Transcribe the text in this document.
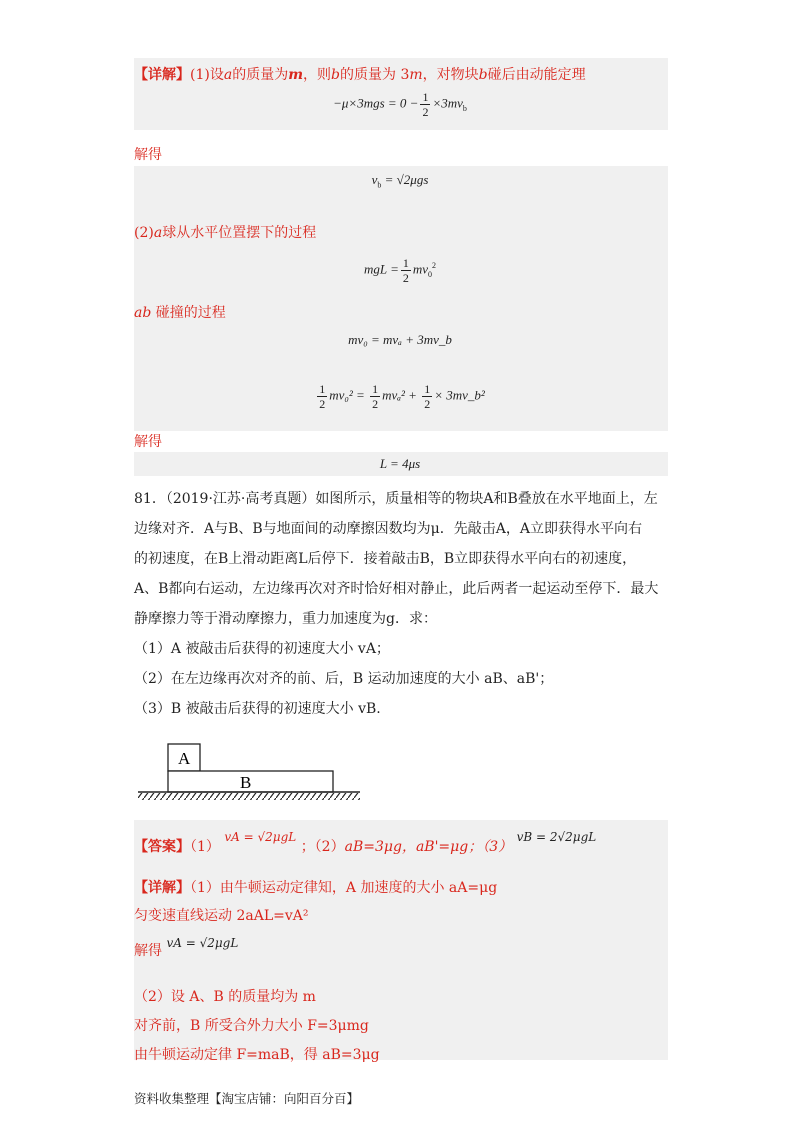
【详解】(1)设a的质量为m，则b的质量为 3m，对物块b碰后由动能定理
$-\mu\times 3mgs = 0 - \frac{1}{2} \times 3mv_b$
解得
$v_b = √2\mu gs$
(2)a球从水平位置摆下的过程
mgL = $\frac{1}{2} mv_0^2$
ab 碰撞的过程
mv₀ = mvₐ + 3mv_b
$\frac{1}{2} mv_0^2 = \frac{1}{2} mv_a^2 + \frac{1}{2}$ × 3mv_b²
解得
L = 4μs
81．（2019·江苏·高考真题）如图所示，质量相等的物块A和B叠放在水平地面上，左
边缘对齐．A与B、B与地面间的动摩擦因数均为μ．先敲击A，A立即获得水平向右
的初速度，在B上滑动距离L后停下．接着敲击B，B立即获得水平向右的初速度，
A、B都向右运动，左边缘再次对齐时恰好相对静止，此后两者一起运动至停下．最大
静摩擦力等于滑动摩擦力，重力加速度为g．求：
（1）A 被敲击后获得的初速度大小 vA；
（2）在左边缘再次对齐的前、后，B 运动加速度的大小 aB、aB'；
（3）B 被敲击后获得的初速度大小 vB.
A
B
【答案】（1） vA = √2μgL ；（2）aB=3μg，aB'=μg；（3） vB = 2√2μgL
【详解】（1）由牛顿运动定律知，A 加速度的大小 aA=μg
匀变速直线运动 2aAL=vA²
解得 vA = √2μgL
（2）设 A、B 的质量均为 m
对齐前，B 所受合外力大小 F=3μmg
由牛顿运动定律 F=maB，得 aB=3μg
资料收集整理【淘宝店铺：向阳百分百】
